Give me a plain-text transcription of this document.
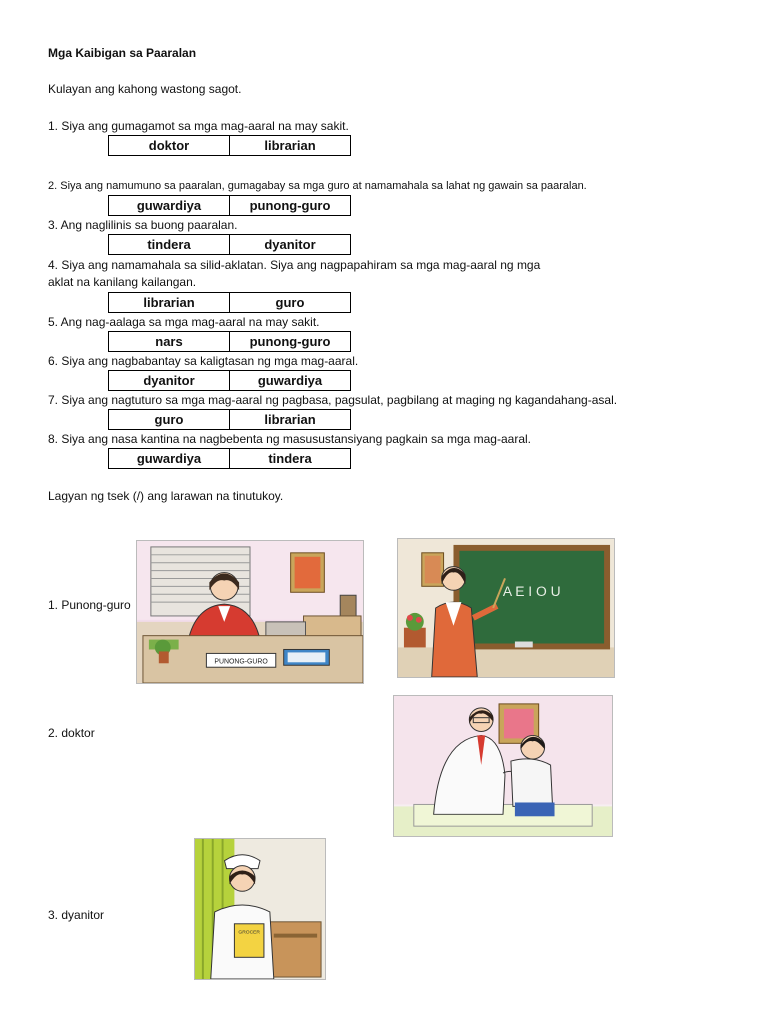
Mga Kaibigan sa Paaralan
Kulayan ang kahong wastong sagot.
1. Siya ang gumagamot sa mga mag-aaral na may sakit.
doktor	librarian
2. Siya ang namumuno sa paaralan, gumagabay sa mga guro at namamahala sa lahat ng gawain sa paaralan.
guwardiya	punong-guro
3. Ang naglilinis sa buong paaralan.
tindera	dyanitor
4. Siya ang namamahala sa silid-aklatan. Siya ang nagpapahiram sa mga mag-aaral ng mga
aklat na kanilang kailangan.
librarian	guro
5. Ang nag-aalaga sa mga mag-aaral na may sakit.
nars	punong-guro
6. Siya ang nagbabantay sa kaligtasan ng mga mag-aaral.
dyanitor	guwardiya
7. Siya ang nagtuturo sa mga mag-aaral ng pagbasa, pagsulat, pagbilang at maging ng kagandahang-asal.
guro	librarian
8. Siya ang nasa kantina na nagbebenta ng masusustansiyang pagkain sa mga mag-aaral.
guwardiya	tindera
Lagyan ng tsek (/) ang larawan na tinutukoy.
1. Punong-guro
2. doktor
3. dyanitor
PUNONG-GURO
A E I O U
GROCER
